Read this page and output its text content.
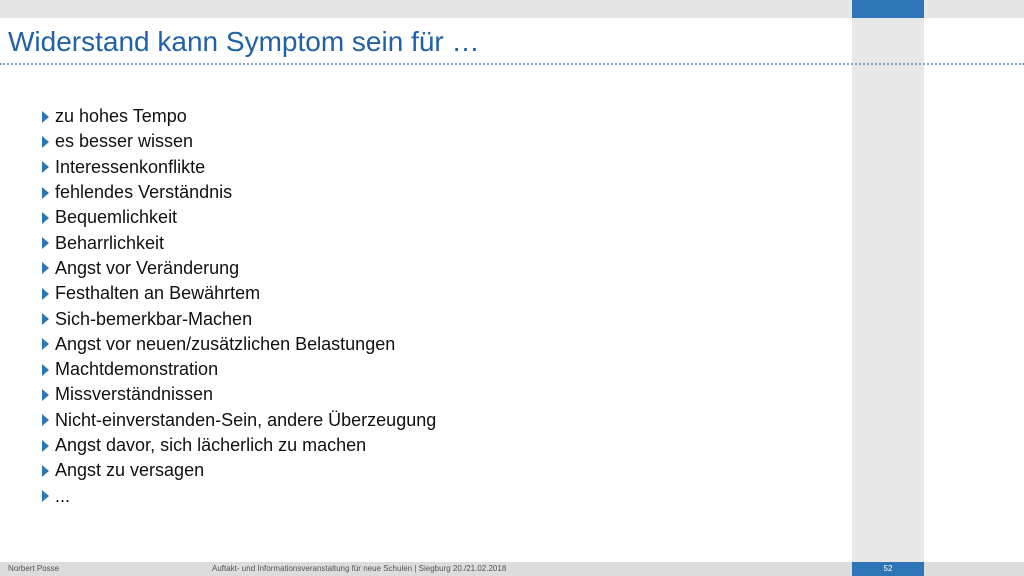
Widerstand kann Symptom sein für …
zu hohes Tempo
es besser wissen
Interessenkonflikte
fehlendes Verständnis
Bequemlichkeit
Beharrlichkeit
Angst vor Veränderung
Festhalten an Bewährtem
Sich-bemerkbar-Machen
Angst vor neuen/zusätzlichen Belastungen
Machtdemonstration
Missverständnissen
Nicht-einverstanden-Sein, andere Überzeugung
Angst davor, sich lächerlich zu machen
Angst zu versagen
...
Norbert Posse	Auftakt- und Informationsveranstaltung für neue Schulen | Siegburg 20./21.02.2018	52
